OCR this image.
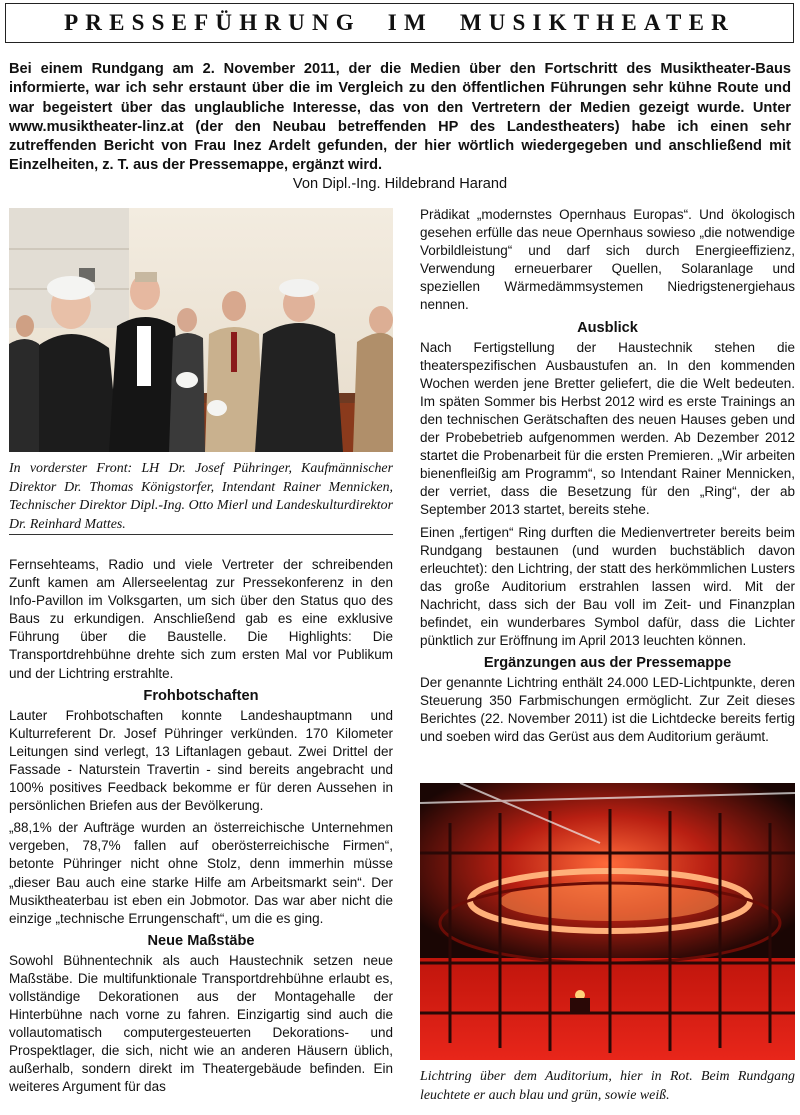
PRESSEFÜHRUNG IM MUSIKTHEATER
Bei einem Rundgang am 2. November 2011, der die Medien über den Fortschritt des Musiktheater-Baus informierte, war ich sehr erstaunt über die im Vergleich zu den öffentlichen Führungen sehr kühne Route und war begeistert über das unglaubliche Interesse, das von den Vertretern der Medien gezeigt wurde. Unter www.musiktheater-linz.at (der den Neubau betreffenden HP des Landestheaters) habe ich einen sehr zutreffenden Bericht von Frau Inez Ardelt gefunden, der hier wörtlich wiedergegeben und anschließend mit Einzelheiten, z. T. aus der Pressemappe, ergänzt wird.
Von Dipl.-Ing. Hildebrand Harand
In vorderster Front: LH Dr. Josef Pühringer, Kaufmännischer Direktor Dr. Thomas Königstorfer, Intendant Rainer Mennicken, Technischer Direktor Dipl.-Ing. Otto Mierl und Landeskulturdirektor Dr. Reinhard Mattes.

Fernsehteams, Radio und viele Vertreter der schreibenden Zunft kamen am Allerseelentag zur Pressekonferenz in den Info-Pavillon im Volksgarten, um sich über den Status quo des Baus zu erkundigen. Anschließend gab es eine exklusive Führung über die Baustelle. Die Highlights: Die Transportdrehbühne drehte sich zum ersten Mal vor Publikum und der Lichtring erstrahlte.

Frohbotschaften

Lauter Frohbotschaften konnte Landeshauptmann und Kulturreferent Dr. Josef Pühringer verkünden. 170 Kilometer Leitungen sind verlegt, 13 Liftanlagen gebaut. Zwei Drittel der Fassade - Naturstein Travertin - sind bereits angebracht und 100% positives Feedback bekomme er für deren Aussehen in persönlichen Briefen aus der Bevölkerung.

„88,1% der Aufträge wurden an österreichische Unternehmen vergeben, 78,7% fallen auf oberösterreichische Firmen“, betonte Pühringer nicht ohne Stolz, denn immerhin müsse „dieser Bau auch eine starke Hilfe am Arbeitsmarkt sein“. Der Musiktheaterbau ist eben ein Jobmotor. Das war aber nicht die einzige „technische Errungenschaft“, um die es ging.

Neue Maßstäbe

Sowohl Bühnentechnik als auch Haustechnik setzen neue Maßstäbe. Die multifunktionale Transportdrehbühne erlaubt es, vollständige Dekorationen aus der Montagehalle der Hinterbühne nach vorne zu fahren. Einzigartig sind auch die vollautomatisch computergesteuerten Dekorations- und Prospektlager, die sich, nicht wie an anderen Häusern üblich, außerhalb, sondern direkt im Theatergebäude befinden. Ein weiteres Argument für das

Prädikat „modernstes Opernhaus Europas“. Und ökologisch gesehen erfülle das neue Opernhaus sowieso „die notwendige Vorbildleistung“ und darf sich durch Energieeffizienz, Verwendung erneuerbarer Quellen, Solaranlage und speziellen Wärmedämmsystemen Niedrigstenergiehaus nennen.

Ausblick

Nach Fertigstellung der Haustechnik stehen die theaterspezifischen Ausbaustufen an. In den kommenden Wochen werden jene Bretter geliefert, die die Welt bedeuten. Im späten Sommer bis Herbst 2012 wird es erste Trainings an den technischen Gerätschaften des neuen Hauses geben und der Probebetrieb aufgenommen werden. Ab Dezember 2012 startet die Probenarbeit für die ersten Premieren. „Wir arbeiten bienenfleißig am Programm“, so Intendant Rainer Mennicken, der verriet, dass die Besetzung für den „Ring“, der ab September 2013 startet, bereits stehe.

Einen „fertigen“ Ring durften die Medienvertreter bereits beim Rundgang bestaunen (und wurden buchstäblich davon erleuchtet): den Lichtring, der statt des herkömmlichen Lusters das große Auditorium erstrahlen lassen wird. Mit der Nachricht, dass sich der Bau voll im Zeit- und Finanzplan befindet, ein wunderbares Symbol dafür, dass die Lichter pünktlich zur Eröffnung im April 2013 leuchten können.

Ergänzungen aus der Pressemappe

Der genannte Lichtring enthält 24.000 LED-Lichtpunkte, deren Steuerung 350 Farbmischungen ermöglicht. Zur Zeit dieses Berichtes (22. November 2011) ist die Lichtdecke bereits fertig und soeben wird das Gerüst aus dem Auditorium geräumt.

Lichtring über dem Auditorium, hier in Rot. Beim Rundgang leuchtete er auch blau und grün, sowie weiß.
